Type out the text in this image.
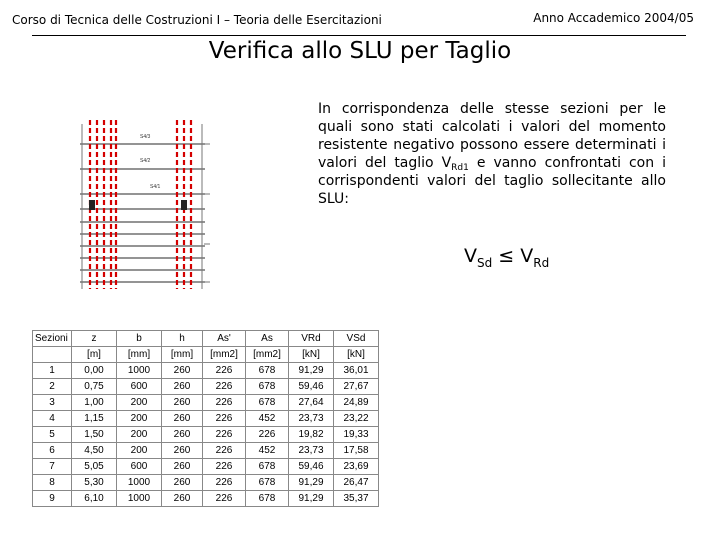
Corso di Tecnica delle Costruzioni I – Teoria delle Esercitazioni	Anno Accademico 2004/05
Verifica allo SLU per Taglio
In corrispondenza delle stesse sezioni per le quali sono stati calcolati i valori del momento resistente negativo possono essere determinati i valori del taglio $V_{Rd1}$ e vanno confrontati con i corrispondenti valori del taglio sollecitante allo SLU:
$V_{Sd} \le V_{Rd}$
S4/3
S4/2
S4/1
Sezioni	z	b	h	As'	As	VRd	VSd
	[m]	[mm]	[mm]	[mm2]	[mm2]	[kN]	[kN]
1	0,00	1000	260	226	678	91,29	36,01
2	0,75	600	260	226	678	59,46	27,67
3	1,00	200	260	226	678	27,64	24,89
4	1,15	200	260	226	452	23,73	23,22
5	1,50	200	260	226	226	19,82	19,33
6	4,50	200	260	226	452	23,73	17,58
7	5,05	600	260	226	678	59,46	23,69
8	5,30	1000	260	226	678	91,29	26,47
9	6,10	1000	260	226	678	91,29	35,37
